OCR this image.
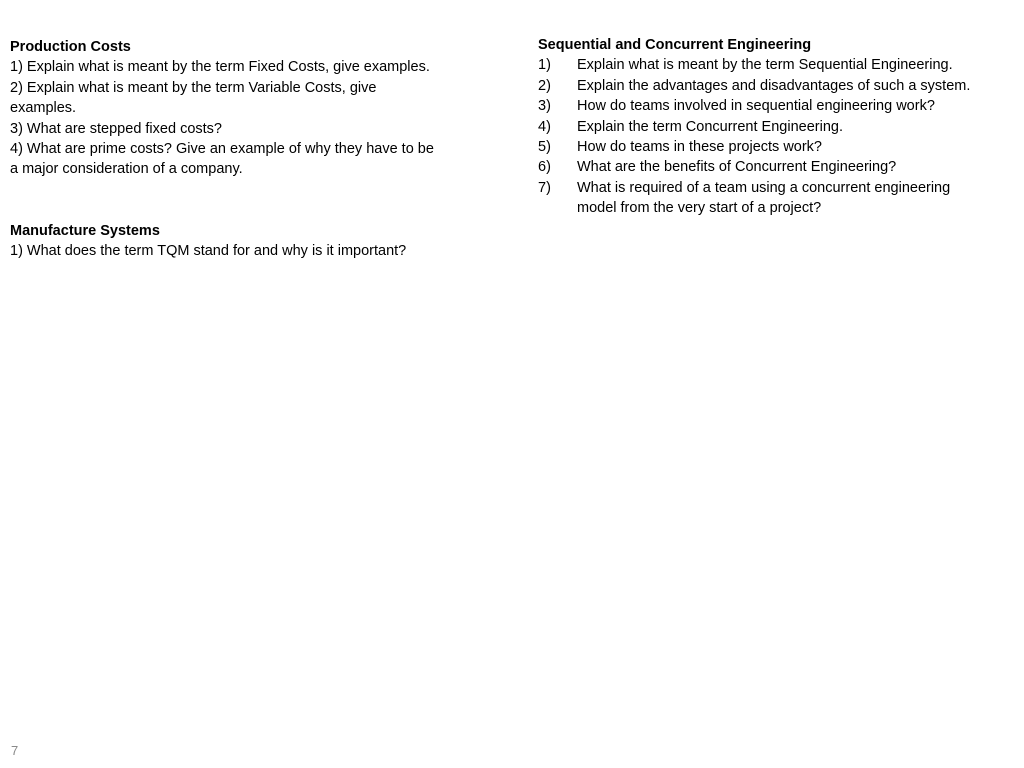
Production Costs

1) Explain what is meant by the term Fixed Costs, give examples.

2) Explain what is meant by the term Variable Costs, give examples.

3) What are stepped fixed costs?

4) What are prime costs? Give an example of why they have to be a major consideration of a company.

Manufacture Systems

1) What does the term TQM stand for and why is it important?

Sequential and Concurrent Engineering

1) Explain what is meant by the term Sequential Engineering.
2) Explain the advantages and disadvantages of such a system.
3) How do teams involved in sequential engineering work?
4) Explain the term Concurrent Engineering.
5) How do teams in these projects work?
6) What are the benefits of Concurrent Engineering?
7) What is required of a team using a concurrent engineering model from the very start of a project?
7
